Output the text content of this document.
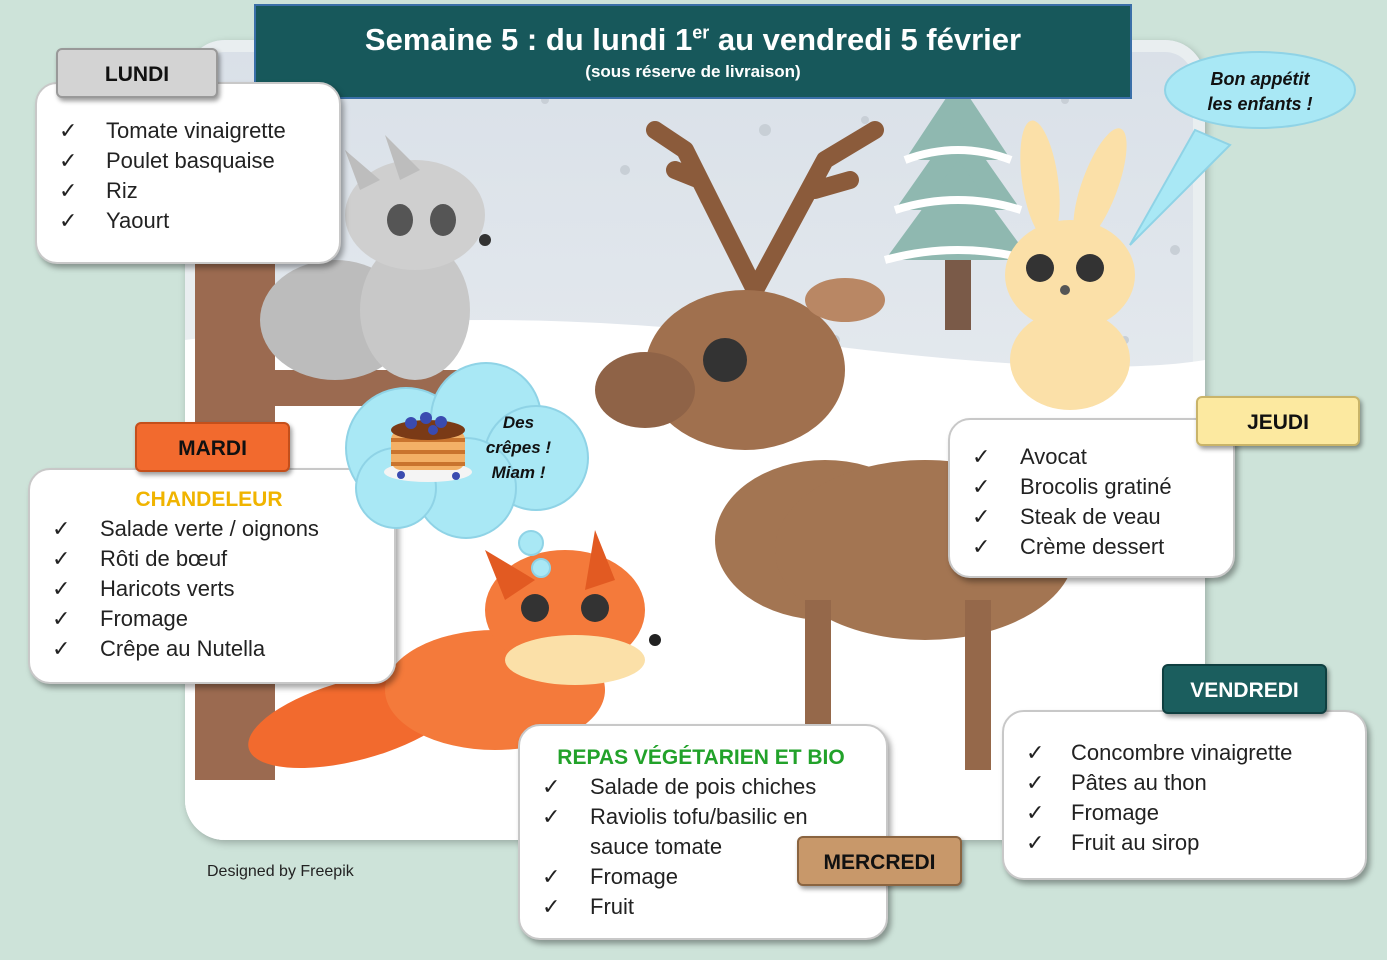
Semaine 5 : du lundi 1er au vendredi 5 février
(sous réserve de livraison)
✓ Tomate vinaigrette
✓ Poulet basquaise
✓ Riz
✓ Yaourt
LUNDI
CHANDELEUR
✓ Salade verte / oignons
✓ Rôti de bœuf
✓ Haricots verts
✓ Fromage
✓ Crêpe au Nutella
MARDI
Des
crêpes !
Miam !
Bon appétit
les enfants !
✓ Avocat
✓ Brocolis gratiné
✓ Steak de veau
✓ Crème dessert
JEUDI
✓ Concombre vinaigrette
✓ Pâtes au thon
✓ Fromage
✓ Fruit au sirop
VENDREDI
REPAS VÉGÉTARIEN ET BIO
✓ Salade de pois chiches
✓ Raviolis tofu/basilic en
sauce tomate
✓ Fromage
✓ Fruit
MERCREDI
Designed by Freepik
